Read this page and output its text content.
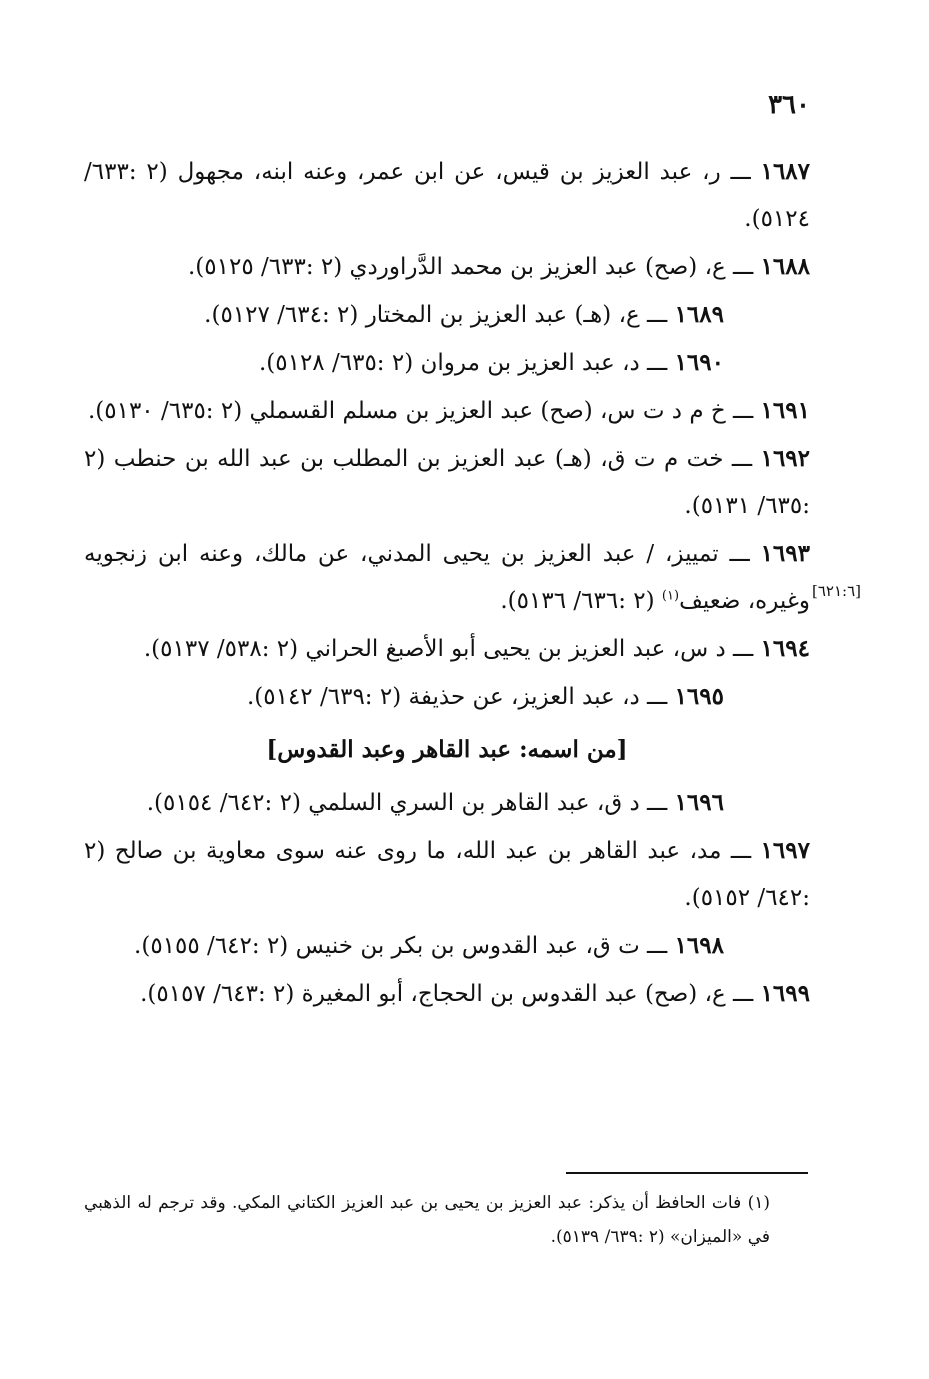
٣٦٠
[٦٢١:٦]

١٦٨٧ ـــ ر، عبد العزيز بن قيس، عن ابن عمر، وعنه ابنه، مجهول (٢ :٦٣٣/ ٥١٢٤).

١٦٨٨ ـــ ع، (صح) عبد العزيز بن محمد الدَّراوردي (٢ :٦٣٣/ ٥١٢٥).

١٦٨٩ ـــ ع، (هـ) عبد العزيز بن المختار (٢ :٦٣٤/ ٥١٢٧).

١٦٩٠ ـــ د، عبد العزيز بن مروان (٢ :٦٣٥/ ٥١٢٨).

١٦٩١ ـــ خ م د ت س، (صح) عبد العزيز بن مسلم القسملي (٢ :٦٣٥/ ٥١٣٠).

١٦٩٢ ـــ خت م ت ق، (هـ) عبد العزيز بن المطلب بن عبد الله بن حنطب (٢ :٦٣٥/ ٥١٣١).

١٦٩٣ ـــ تمييز، / عبد العزيز بن يحيى المدني، عن مالك، وعنه ابن زنجويه وغيره، ضعيف$^{(١)}$ (٢ :٦٣٦/ ٥١٣٦).

١٦٩٤ ـــ د س، عبد العزيز بن يحيى أبو الأصبغ الحراني (٢ :٥٣٨/ ٥١٣٧).

١٦٩٥ ـــ د، عبد العزيز، عن حذيفة (٢ :٦٣٩/ ٥١٤٢).

[من اسمه: عبد القاهر وعبد القدوس]

١٦٩٦ ـــ د ق، عبد القاهر بن السري السلمي (٢ :٦٤٢/ ٥١٥٤).

١٦٩٧ ـــ مد، عبد القاهر بن عبد الله، ما روى عنه سوى معاوية بن صالح (٢ :٦٤٢/ ٥١٥٢).

١٦٩٨ ـــ ت ق، عبد القدوس بن بكر بن خنيس (٢ :٦٤٢/ ٥١٥٥).

١٦٩٩ ـــ ع، (صح) عبد القدوس بن الحجاج، أبو المغيرة (٢ :٦٤٣/ ٥١٥٧).

(١) فات الحافظ أن يذكر: عبد العزيز بن يحيى بن عبد العزيز الكتاني المكي. وقد ترجم له الذهبي في «الميزان» (٢ :٦٣٩/ ٥١٣٩).
